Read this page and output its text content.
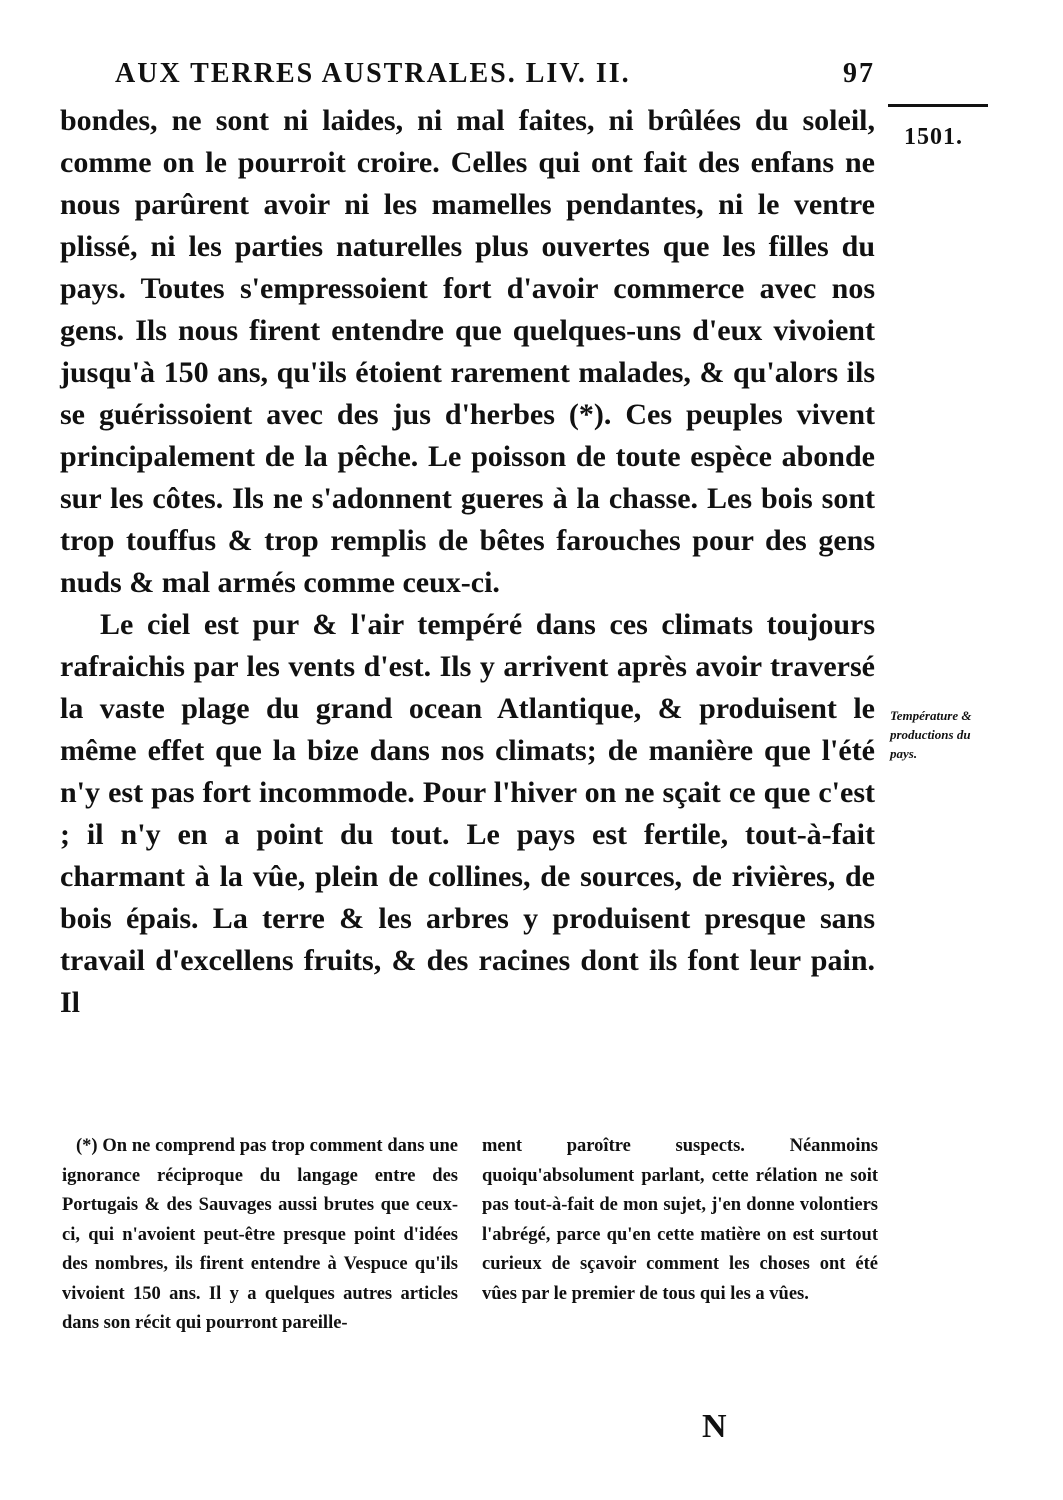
AUX TERRES AUSTRALES. LIV. II.	97
1501.

bondes, ne sont ni laides, ni mal faites, ni brûlées du soleil, comme on le pourroit croire. Celles qui ont fait des enfans ne nous parûrent avoir ni les mamelles pendantes, ni le ventre plissé, ni les parties naturelles plus ouvertes que les filles du pays. Toutes s'empressoient fort d'avoir commerce avec nos gens. Ils nous firent entendre que quelques-uns d'eux vivoient jusqu'à 150 ans, qu'ils étoient rarement malades, & qu'alors ils se guérissoient avec des jus d'herbes (*). Ces peuples vivent principalement de la pêche. Le poisson de toute espèce abonde sur les côtes. Ils ne s'adonnent gueres à la chasse. Les bois sont trop touffus & trop remplis de bêtes farouches pour des gens nuds & mal armés comme ceux-ci.

Le ciel est pur & l'air tempéré dans ces climats toujours rafraichis par les vents d'est. Ils y arrivent après avoir traversé la vaste plage du grand ocean Atlantique, & produisent le même effet que la bize dans nos climats; de manière que l'été n'y est pas fort incommode. Pour l'hiver on ne sçait ce que c'est ; il n'y en a point du tout. Le pays est fertile, tout-à-fait charmant à la vûe, plein de collines, de sources, de rivières, de bois épais. La terre & les arbres y produisent presque sans travail d'excellens fruits, & des racines dont ils font leur pain. Il

Température & productions du pays.

(*) On ne comprend pas trop comment dans une ignorance réciproque du langage entre des Portugais & des Sauvages aussi brutes que ceux-ci, qui n'avoient peut-être presque point d'idées des nombres, ils firent entendre à Vespuce qu'ils vivoient 150 ans. Il y a quelques autres articles dans son récit qui pourront pareille-

ment paroître suspects. Néanmoins quoiqu'absolument parlant, cette rélation ne soit pas tout-à-fait de mon sujet, j'en donne volontiers l'abrégé, parce qu'en cette matière on est surtout curieux de sçavoir comment les choses ont été vûes par le premier de tous qui les a vûes.

N
